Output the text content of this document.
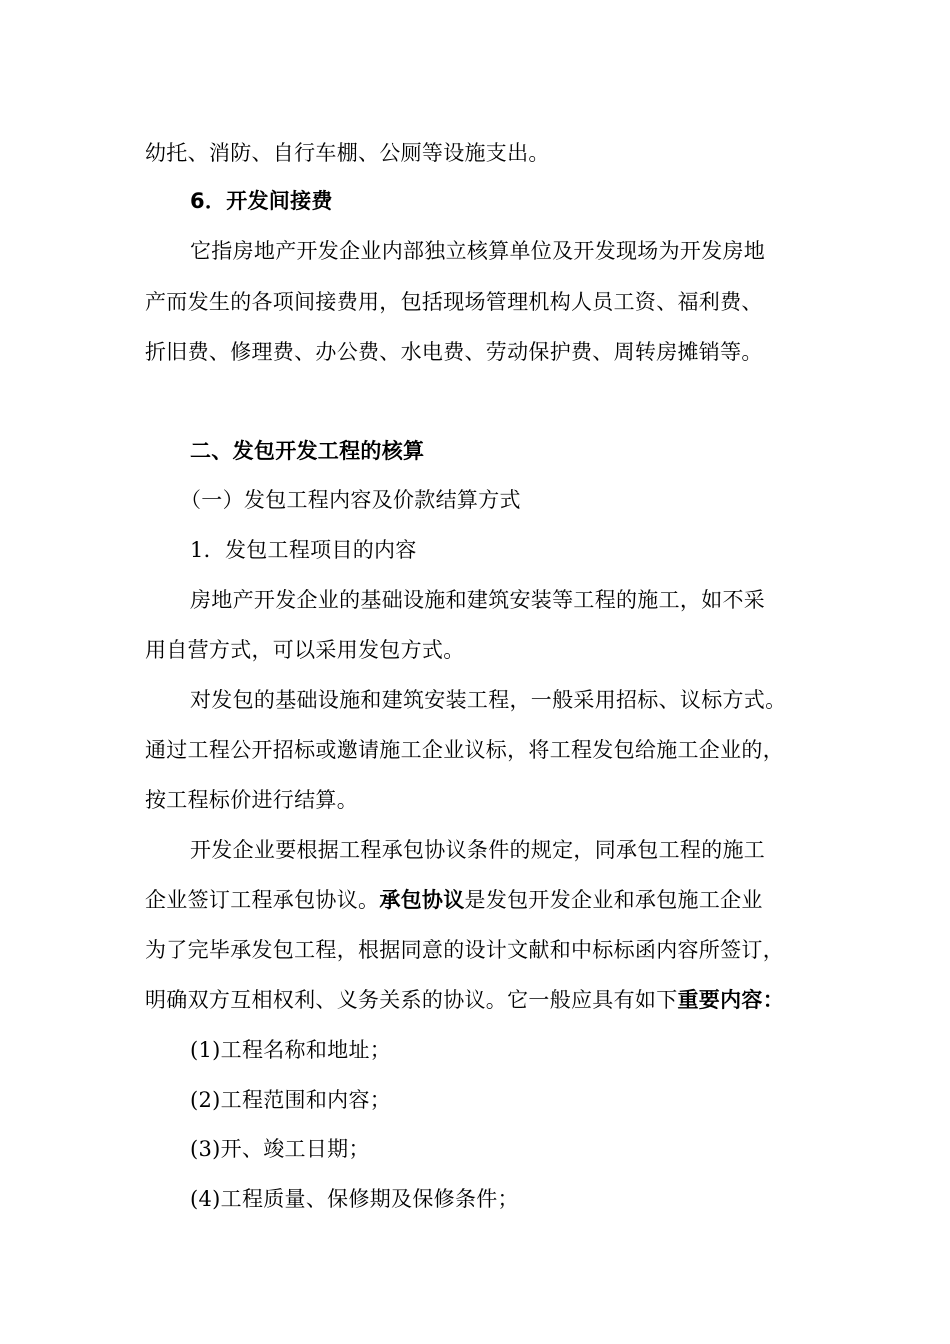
幼托、消防、自行车棚、公厕等设施支出。
6．开发间接费
它指房地产开发企业内部独立核算单位及开发现场为开发房地
产而发生的各项间接费用，包括现场管理机构人员工资、福利费、
折旧费、修理费、办公费、水电费、劳动保护费、周转房摊销等。
二、发包开发工程的核算
（一）发包工程内容及价款结算方式
1．发包工程项目的内容
房地产开发企业的基础设施和建筑安装等工程的施工，如不采
用自营方式，可以采用发包方式。
对发包的基础设施和建筑安装工程，一般采用招标、议标方式。
通过工程公开招标或邀请施工企业议标，将工程发包给施工企业的，
按工程标价进行结算。
开发企业要根据工程承包协议条件的规定，同承包工程的施工
企业签订工程承包协议。承包协议是发包开发企业和承包施工企业
为了完毕承发包工程，根据同意的设计文献和中标标函内容所签订，
明确双方互相权利、义务关系的协议。它一般应具有如下重要内容：
(1)工程名称和地址；
(2)工程范围和内容；
(3)开、竣工日期；
(4)工程质量、保修期及保修条件；
